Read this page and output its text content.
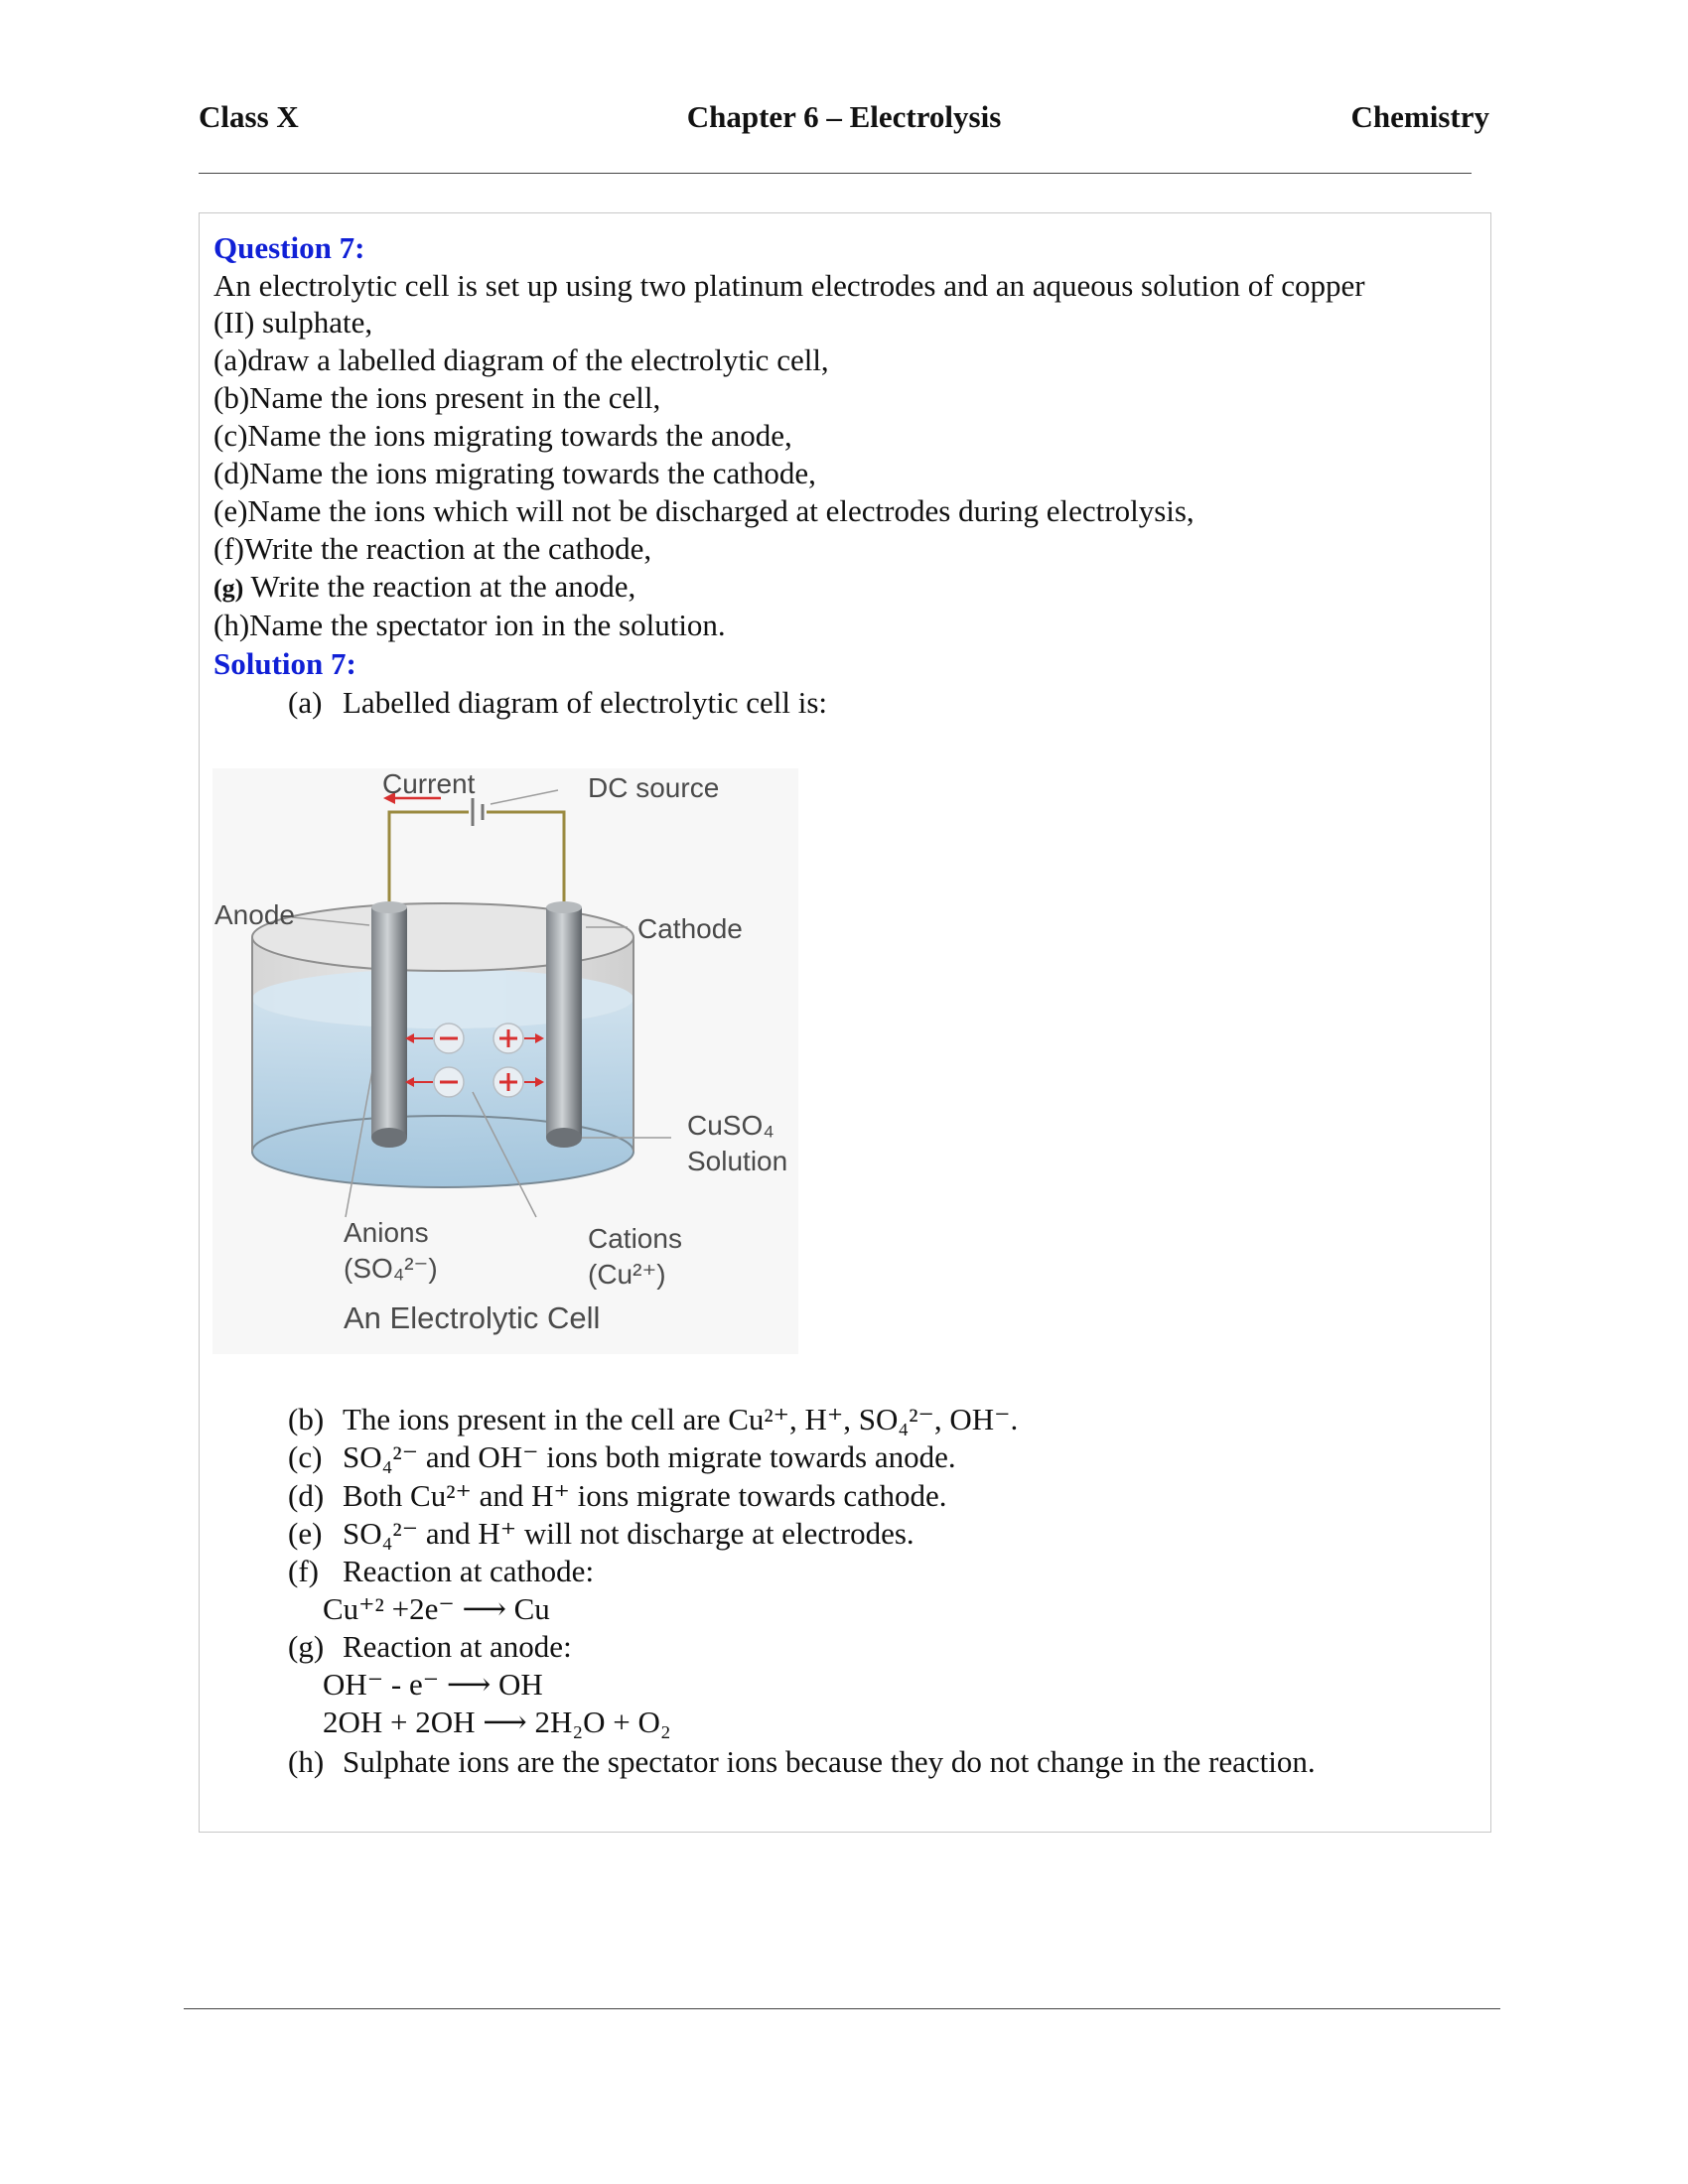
Class X	Chapter 6 – Electrolysis	Chemistry
Question 7:
An electrolytic cell is set up using two platinum electrodes and an aqueous solution of copper
(II) sulphate,
(a)draw a labelled diagram of the electrolytic cell,
(b)Name the ions present in the cell,
(c)Name the ions migrating towards the anode,
(d)Name the ions migrating towards the cathode,
(e)Name the ions which will not be discharged at electrodes during electrolysis,
(f)Write the reaction at the cathode,
(g) Write the reaction at the anode,
(h)Name the spectator ion in the solution.
Solution 7:
(a) Labelled diagram of electrolytic cell is:
Current	DC source
Anode	Cathode
CuSO₄
Solution
Anions
(SO₄²⁻)
Cations
(Cu²⁺)
An Electrolytic Cell
(b) The ions present in the cell are Cu²⁺, H⁺, SO₄²⁻, OH⁻.
(c) SO₄²⁻ and OH⁻ ions both migrate towards anode.
(d) Both Cu²⁺ and H⁺ ions migrate towards cathode.
(e) SO₄²⁻ and H⁺ will not discharge at electrodes.
(f) Reaction at cathode:
Cu⁺² +2e⁻ ⟶ Cu
(g) Reaction at anode:
OH⁻ - e⁻ ⟶ OH
2OH + 2OH ⟶ 2H₂O + O₂
(h) Sulphate ions are the spectator ions because they do not change in the reaction.
